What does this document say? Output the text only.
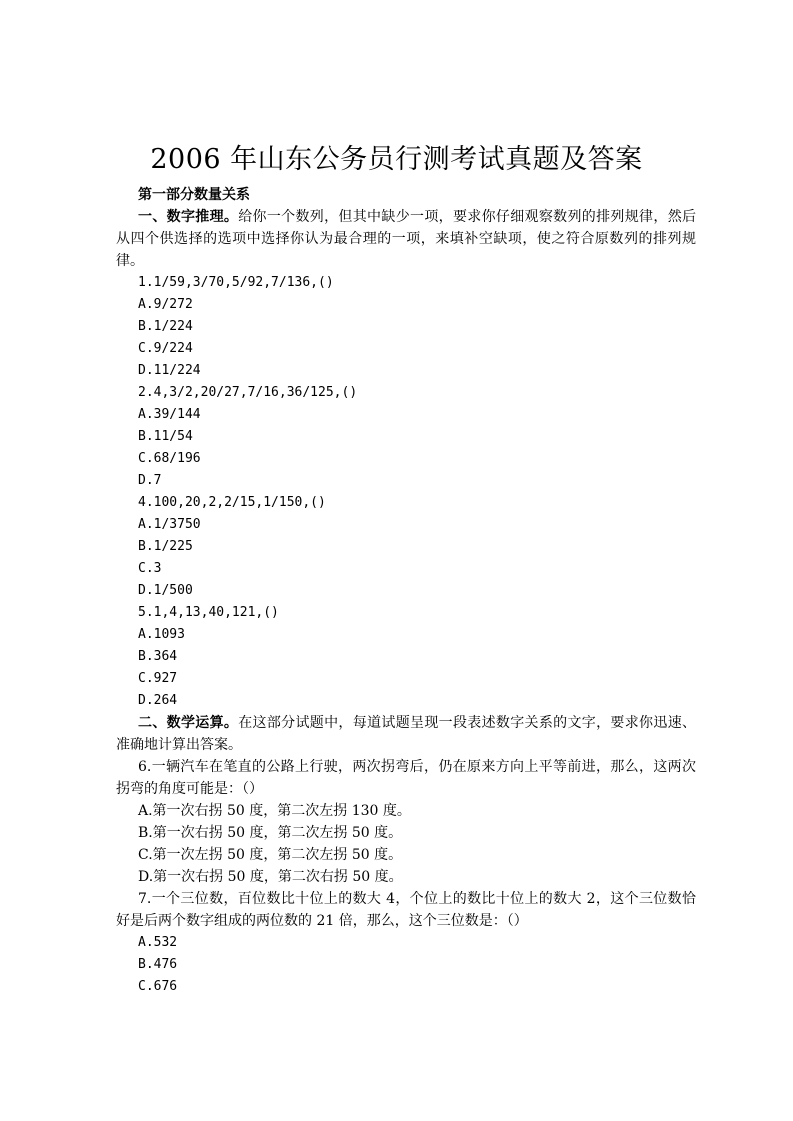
2006 年山东公务员行测考试真题及答案

第一部分数量关系

一、数字推理。给你一个数列，但其中缺少一项，要求你仔细观察数列的排列规律，然后从四个供选择的选项中选择你认为最合理的一项，来填补空缺项，使之符合原数列的排列规律。

1.1/59,3/70,5/92,7/136,()

A.9/272

B.1/224

C.9/224

D.11/224

2.4,3/2,20/27,7/16,36/125,()

A.39/144

B.11/54

C.68/196

D.7

4.100,20,2,2/15,1/150,()

A.1/3750

B.1/225

C.3

D.1/500

5.1,4,13,40,121,()

A.1093

B.364

C.927

D.264

二、数学运算。在这部分试题中，每道试题呈现一段表述数字关系的文字，要求你迅速、准确地计算出答案。

6.一辆汽车在笔直的公路上行驶，两次拐弯后，仍在原来方向上平等前进，那么，这两次拐弯的角度可能是：（）

A.第一次右拐 50 度，第二次左拐 130 度。

B.第一次右拐 50 度，第二次左拐 50 度。

C.第一次左拐 50 度，第二次左拐 50 度。

D.第一次右拐 50 度，第二次右拐 50 度。

7.一个三位数，百位数比十位上的数大 4，个位上的数比十位上的数大 2，这个三位数恰好是后两个数字组成的两位数的 21 倍，那么，这个三位数是：（）

A.532

B.476

C.676
